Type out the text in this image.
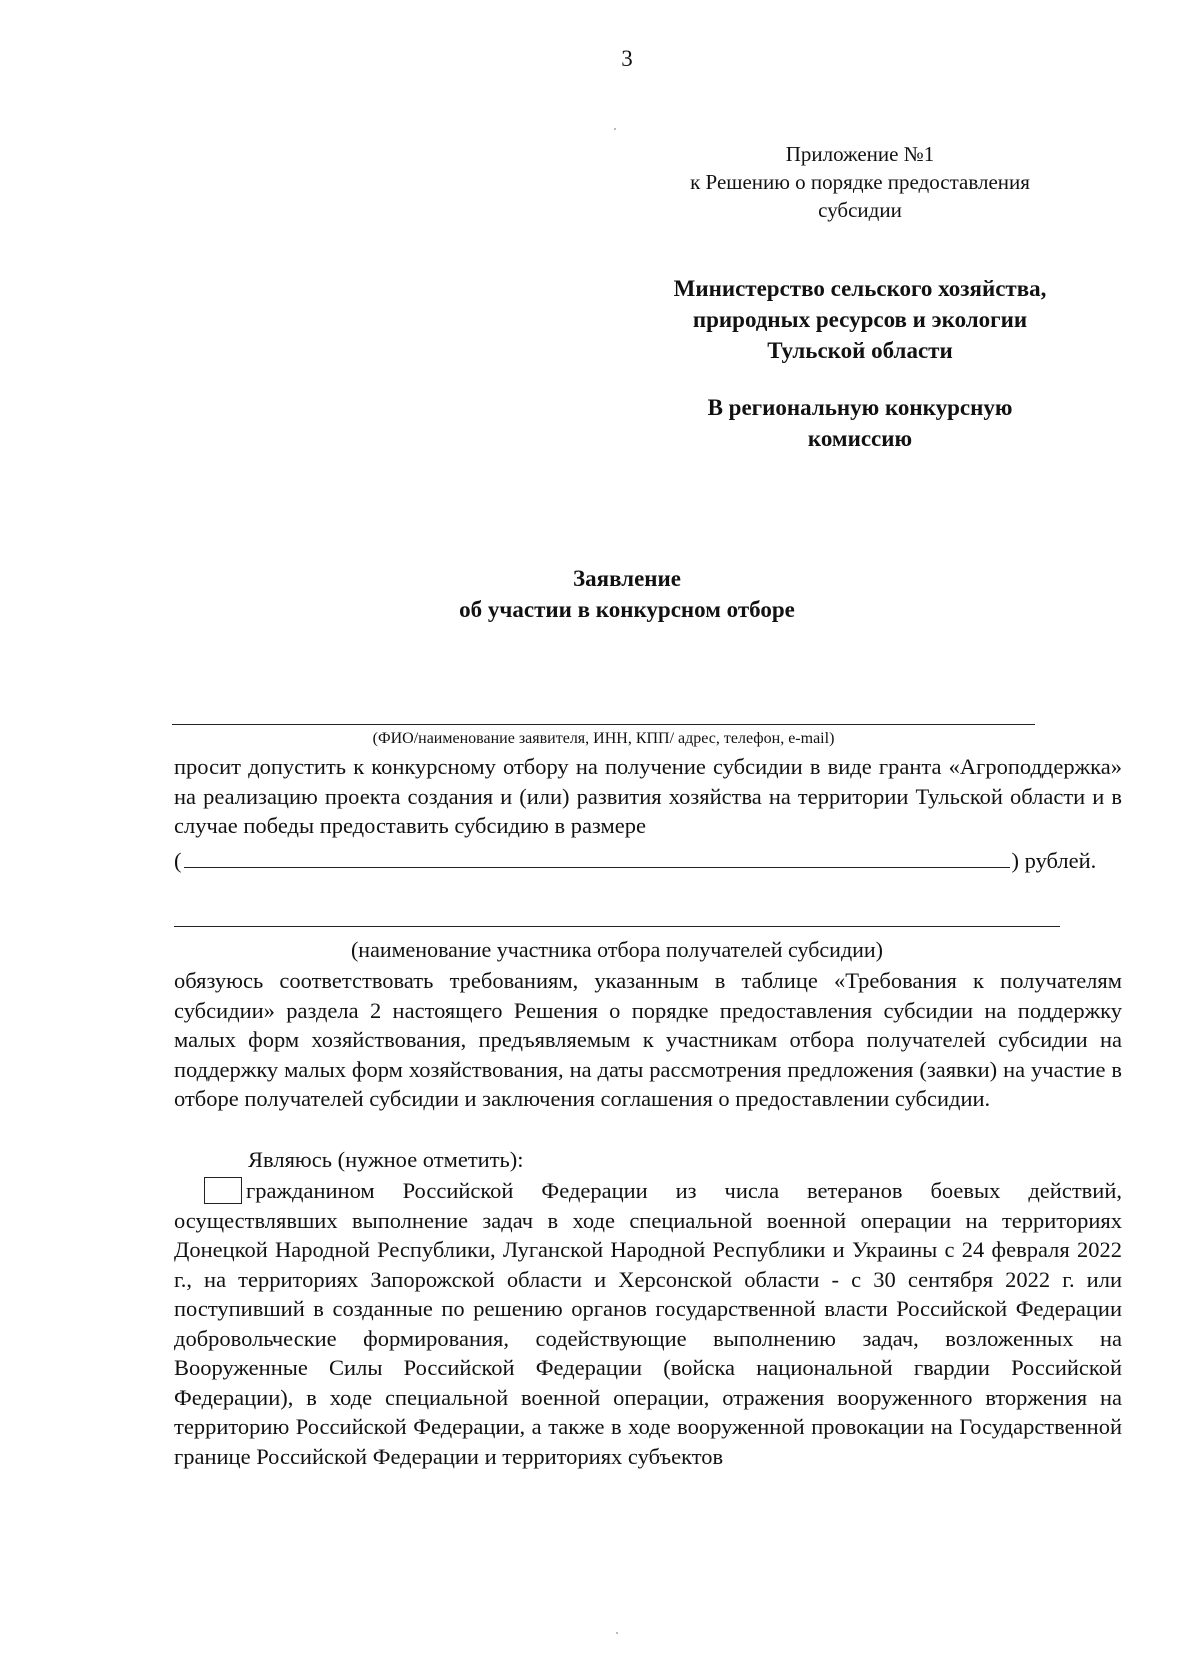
3
Приложение №1
к Решению о порядке предоставления
субсидии
Министерство сельского хозяйства,
природных ресурсов и экологии
Тульской области
В региональную конкурсную
комиссию
Заявление
об участии в конкурсном отборе
(ФИО/наименование заявителя, ИНН, КПП/ адрес, телефон, e-mail)
просит допустить к конкурсному отбору на получение субсидии в виде гранта «Агроподдержка» на реализацию проекта создания и (или) развития хозяйства на территории Тульской области и в случае победы предоставить субсидию в размере
(	) рублей.
(наименование участника отбора получателей субсидии)
обязуюсь соответствовать требованиям, указанным в таблице «Требования к получателям субсидии» раздела 2 настоящего Решения о порядке предоставления субсидии на поддержку малых форм хозяйствования, предъявляемым к участникам отбора получателей субсидии на поддержку малых форм хозяйствования, на даты рассмотрения предложения (заявки) на участие в отборе получателей субсидии и заключения соглашения о предоставлении субсидии.
Являюсь (нужное отметить):
гражданином Российской Федерации из числа ветеранов боевых действий, осуществлявших выполнение задач в ходе специальной военной операции на территориях Донецкой Народной Республики, Луганской Народной Республики и Украины с 24 февраля 2022 г., на территориях Запорожской области и Херсонской области - с 30 сентября 2022 г. или поступивший в созданные по решению органов государственной власти Российской Федерации добровольческие формирования, содействующие выполнению задач, возложенных на Вооруженные Силы Российской Федерации (войска национальной гвардии Российской Федерации), в ходе специальной военной операции, отражения вооруженного вторжения на территорию Российской Федерации, а также в ходе вооруженной провокации на Государственной границе Российской Федерации и территориях субъектов
